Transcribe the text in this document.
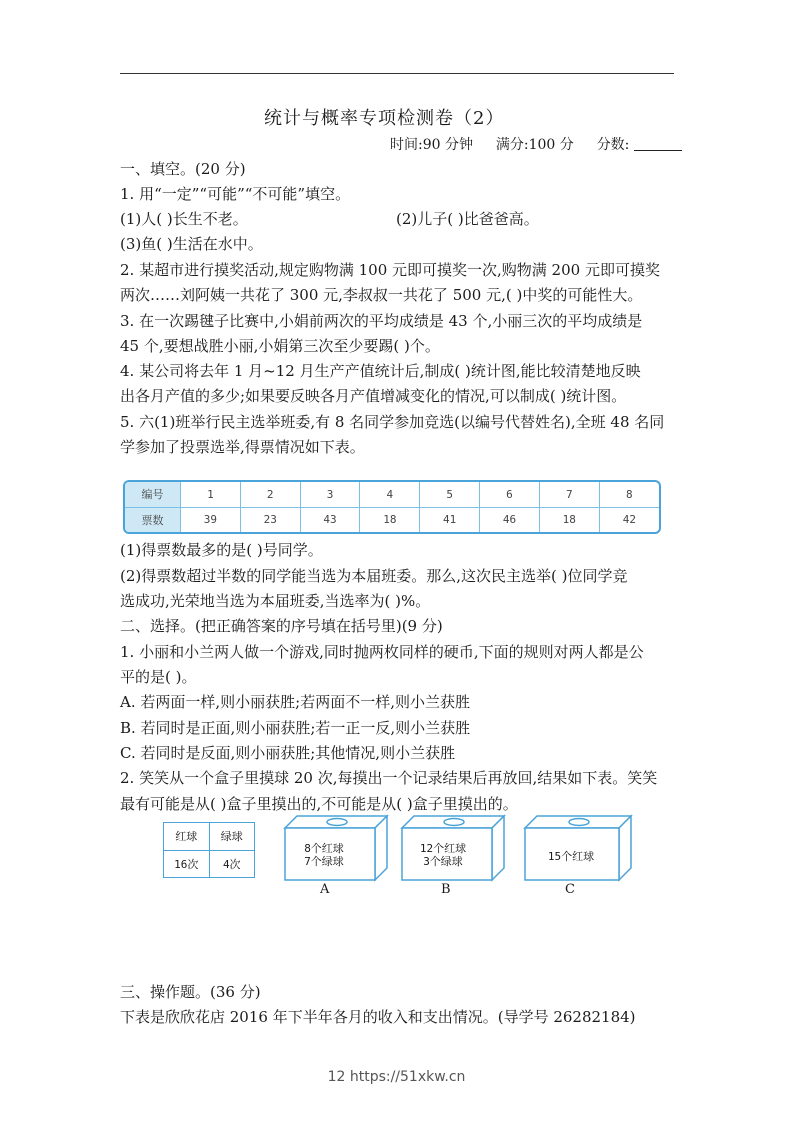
统计与概率专项检测卷（2）
时间:90 分钟 满分:100 分 分数:
一、填空。(20 分)
1. 用“一定”“可能”“不可能”填空。
(1)人( )长生不老。	(2)儿子( )比爸爸高。
(3)鱼( )生活在水中。
2. 某超市进行摸奖活动,规定购物满 100 元即可摸奖一次,购物满 200 元即可摸奖
两次……刘阿姨一共花了 300 元,李叔叔一共花了 500 元,( )中奖的可能性大。
3. 在一次踢毽子比赛中,小娟前两次的平均成绩是 43 个,小丽三次的平均成绩是
45 个,要想战胜小丽,小娟第三次至少要踢( )个。
4. 某公司将去年 1 月~12 月生产产值统计后,制成( )统计图,能比较清楚地反映
出各月产值的多少;如果要反映各月产值增减变化的情况,可以制成( )统计图。
5. 六(1)班举行民主选举班委,有 8 名同学参加竞选(以编号代替姓名),全班 48 名同
学参加了投票选举,得票情况如下表。
编号	1	2	3	4	5	6	7	8
票数	39	23	43	18	41	46	18	42
(1)得票数最多的是( )号同学。
(2)得票数超过半数的同学能当选为本届班委。那么,这次民主选举( )位同学竞
选成功,光荣地当选为本届班委,当选率为( )%。
二、选择。(把正确答案的序号填在括号里)(9 分)
1. 小丽和小兰两人做一个游戏,同时抛两枚同样的硬币,下面的规则对两人都是公
平的是( )。
A. 若两面一样,则小丽获胜;若两面不一样,则小兰获胜
B. 若同时是正面,则小丽获胜;若一正一反,则小兰获胜
C. 若同时是反面,则小丽获胜;其他情况,则小兰获胜
2. 笑笑从一个盒子里摸球 20 次,每摸出一个记录结果后再放回,结果如下表。笑笑
最有可能是从( )盒子里摸出的,不可能是从( )盒子里摸出的。
红球	绿球
16次	4次
8个红球
7个绿球
12个红球
3个绿球	15个红球
A	B	C
三、操作题。(36 分)
下表是欣欣花店 2016 年下半年各月的收入和支出情况。(导学号 26282184)
12 https://51xkw.cn
